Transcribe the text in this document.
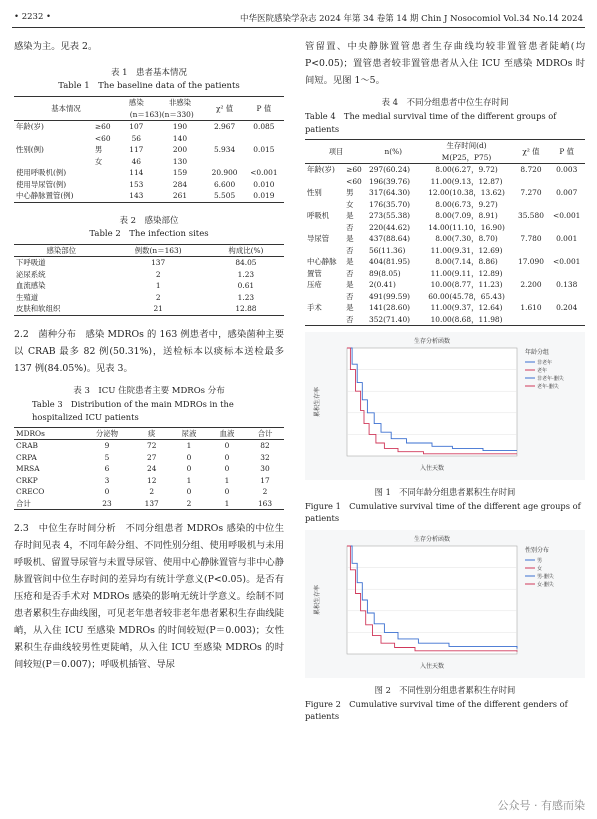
• 2232 •	中华医院感染学杂志 2024 年第 34 卷第 14 期 Chin J Nosocomiol Vol.34 No.14 2024

感染为主。见表 2。

表 1　患者基本情况

Table 1　The baseline data of the patients

基本情况		感染	非感染	χ² 值	P 值
		(n＝163)(n＝330)			
年龄(岁)	≥60	107	190	2.967	0.085
	<60	56	140		
性别(例)	男	117	200	5.934	0.015
	女	46	130		
使用呼吸机(例)		114	159	20.900	<0.001
使用导尿管(例)		153	284	6.600	0.010
中心静脉置管(例)		143	261	5.505	0.019

表 2　感染部位

Table 2　The infection sites

感染部位	例数(n＝163)	构成比(%)
下呼吸道	137	84.05
泌尿系统	2	1.23
血流感染	1	0.61
生殖道	2	1.23
皮肤和软组织	21	12.88

2.2　菌种分布　感染 MDROs 的 163 例患者中，感染菌种主要以 CRAB 最多 82 例(50.31%)，送检标本以痰标本送检最多 137 例(84.05%)。见表 3。

表 3　ICU 住院患者主要 MDROs 分布

Table 3　Distribution of the main MDROs in the hospitalized ICU patients

MDROs	分泌物	痰	尿液	血液	合计
CRAB	9	72	1	0	82
CRPA	5	27	0	0	32
MRSA	6	24	0	0	30
CRKP	3	12	1	1	17
CRECO	0	2	0	0	2
合计	23	137	2	1	163

2.3　中位生存时间分析　不同分组患者 MDROs 感染的中位生存时间见表 4，不同年龄分组、不同性别分组、使用呼吸机与未用呼吸机、留置导尿管与未置导尿管、使用中心静脉置管与非中心静脉置管间中位生存时间的差异均有统计学意义(P<0.05)。是否有压疮和是否手术对 MDROs 感染的影响无统计学意义。绘制不同患者累积生存曲线图，可见老年患者较非老年患者累积生存曲线陡峭，从入住 ICU 至感染 MDROs 的时间较短(P＝0.003)；女性累积生存曲线较男性更陡峭，从入住 ICU 至感染 MDROs 的时间较短(P＝0.007)；呼吸机插管、导尿

管留置、中央静脉置管患者生存曲线均较非置管患者陡峭(均 P<0.05)；置管患者较非置管患者从入住 ICU 至感染 MDROs 时间短。见图 1～5。

表 4　不同分组患者中位生存时间

Table 4　The medial survival time of the different groups of patients

项目		n(%)	生存时间(d)	χ² 值	P 值
			M(P25，P75)		
年龄(岁)	≥60	297(60.24)	8.00(6.27，9.72)	8.720	0.003
	<60	196(39.76)	11.00(9.13，12.87)		
性别	男	317(64.30)	12.00(10.38，13.62)	7.270	0.007
	女	176(35.70)	8.00(6.73，9.27)		
呼吸机	是	273(55.38)	8.00(7.09，8.91)	35.580	<0.001
	否	220(44.62)	14.00(11.10，16.90)		
导尿管	是	437(88.64)	8.00(7.30，8.70)	7.780	0.001
	否	56(11.36)	11.00(9.31，12.69)		
中心静脉	是	404(81.95)	8.00(7.14，8.86)	17.090	<0.001
置管	否	89(8.05)	11.00(9.11，12.89)		
压疮	是	2(0.41)	10.00(8.77，11.23)	2.200	0.138
	否	491(99.59)	60.00(45.78，65.43)		
手术	是	141(28.60)	11.00(9.37，12.64)	1.610	0.204
	否	352(71.40)	10.00(8.68，11.98)		
生存分析函数
累积生存率
入住天数
年龄分组
非老年
老年
非老年-删失
老年-删失

图 1　不同年龄分组患者累积生存时间

Figure 1　Cumulative survival time of the different age groups of patients

生存分析函数
累积生存率
入住天数
性别分布
男
女
男-删失
女-删失

图 2　不同性别分组患者累积生存时间

Figure 2　Cumulative survival time of the different genders of patients

公众号 · 有感而染
